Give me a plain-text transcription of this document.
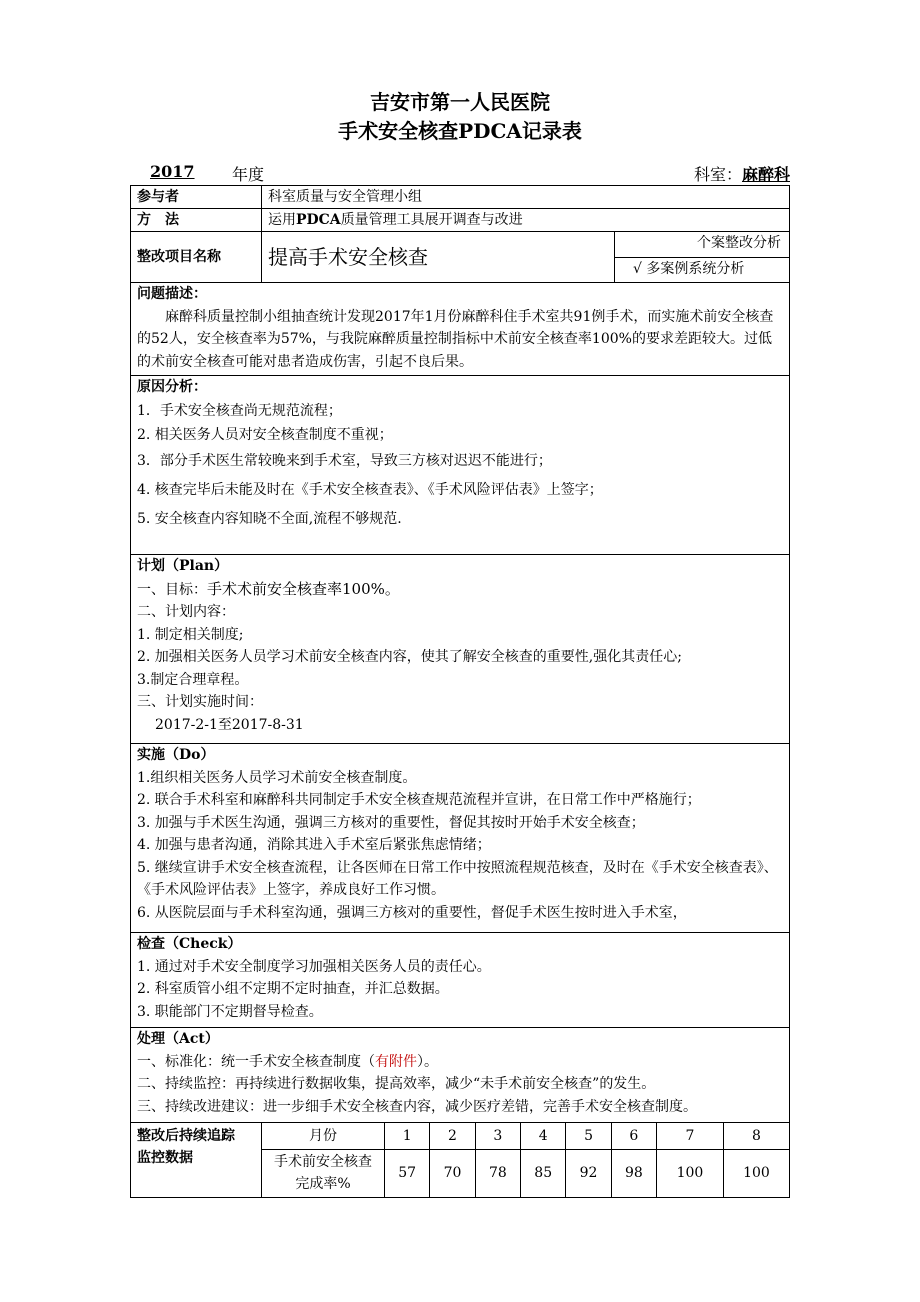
吉安市第一人民医院
手术安全核查PDCA记录表
2017 年度	科室：麻醉科
参与者	科室质量与安全管理小组
方　法	运用PDCA质量管理工具展开调查与改进
整改项目名称	提高手术安全核查	
个案整改分析
√ 多案例系统分析

问题描述：

麻醉科质量控制小组抽查统计发现2017年1月份麻醉科住手术室共91例手术，而实施术前安全核查的52人，安全核查率为57%，与我院麻醉质量控制指标中术前安全核查率100%的要求差距较大。过低的术前安全核查可能对患者造成伤害，引起不良后果。

原因分析：

1．手术安全核查尚无规范流程；

2. 相关医务人员对安全核查制度不重视；

3．部分手术医生常较晚来到手术室，导致三方核对迟迟不能进行；

4. 核查完毕后未能及时在《手术安全核查表》、《手术风险评估表》上签字；

5. 安全核查内容知晓不全面,流程不够规范.

计划（Plan）

一、目标：手术术前安全核查率100%。

二、计划内容：

1. 制定相关制度;

2. 加强相关医务人员学习术前安全核查内容，使其了解安全核查的重要性,强化其责任心;

3.制定合理章程。

三、计划实施时间：

2017-2-1至2017-8-31

实施（Do）

1.组织相关医务人员学习术前安全核查制度。

2. 联合手术科室和麻醉科共同制定手术安全核查规范流程并宣讲，在日常工作中严格施行；

3. 加强与手术医生沟通，强调三方核对的重要性，督促其按时开始手术安全核查；

4. 加强与患者沟通，消除其进入手术室后紧张焦虑情绪；

5. 继续宣讲手术安全核查流程，让各医师在日常工作中按照流程规范核查，及时在《手术安全核查表》、《手术风险评估表》上签字，养成良好工作习惯。

6. 从医院层面与手术科室沟通，强调三方核对的重要性，督促手术医生按时进入手术室，

检查（Check）

1. 通过对手术安全制度学习加强相关医务人员的责任心。

2. 科室质管小组不定期不定时抽查，并汇总数据。

3. 职能部门不定期督导检查。

处理（Act）

一、标准化：统一手术安全核查制度（有附件）。

二、持续监控：再持续进行数据收集，提高效率，减少“未手术前安全核查”的发生。

三、持续改进建议：进一步细手术安全核查内容，减少医疗差错，完善手术安全核查制度。

整改后持续追踪
监控数据

月份	1	2	3	4	5	6	7	8
手术前安全核查完成率%	57	70	78	85	92	98	100	100
